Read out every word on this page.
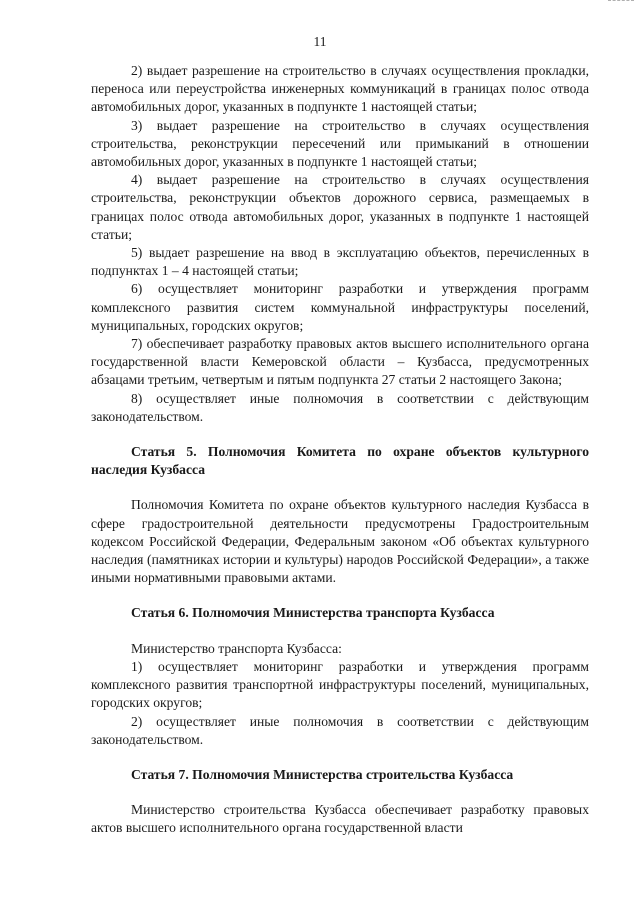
11

2) выдает разрешение на строительство в случаях осуществления прокладки, переноса или переустройства инженерных коммуникаций в границах полос отвода автомобильных дорог, указанных в подпункте 1 настоящей статьи;

3) выдает разрешение на строительство в случаях осуществления строительства, реконструкции пересечений или примыканий в отношении автомобильных дорог, указанных в подпункте 1 настоящей статьи;

4) выдает разрешение на строительство в случаях осуществления строительства, реконструкции объектов дорожного сервиса, размещаемых в границах полос отвода автомобильных дорог, указанных в подпункте 1 настоящей статьи;

5) выдает разрешение на ввод в эксплуатацию объектов, перечисленных в подпунктах 1 – 4 настоящей статьи;

6) осуществляет мониторинг разработки и утверждения программ комплексного развития систем коммунальной инфраструктуры поселений, муниципальных, городских округов;

7) обеспечивает разработку правовых актов высшего исполнительного органа государственной власти Кемеровской области – Кузбасса, предусмотренных абзацами третьим, четвертым и пятым подпункта 27 статьи 2 настоящего Закона;

8) осуществляет иные полномочия в соответствии с действующим законодательством.

Статья 5. Полномочия Комитета по охране объектов культурного наследия Кузбасса

Полномочия Комитета по охране объектов культурного наследия Кузбасса в сфере градостроительной деятельности предусмотрены Градостроительным кодексом Российской Федерации, Федеральным законом «Об объектах культурного наследия (памятниках истории и культуры) народов Российской Федерации», а также иными нормативными правовыми актами.

Статья 6. Полномочия Министерства транспорта Кузбасса

Министерство транспорта Кузбасса:

1) осуществляет мониторинг разработки и утверждения программ комплексного развития транспортной инфраструктуры поселений, муниципальных, городских округов;

2) осуществляет иные полномочия в соответствии с действующим законодательством.

Статья 7. Полномочия Министерства строительства Кузбасса

Министерство строительства Кузбасса обеспечивает разработку правовых актов высшего исполнительного органа государственной власти
